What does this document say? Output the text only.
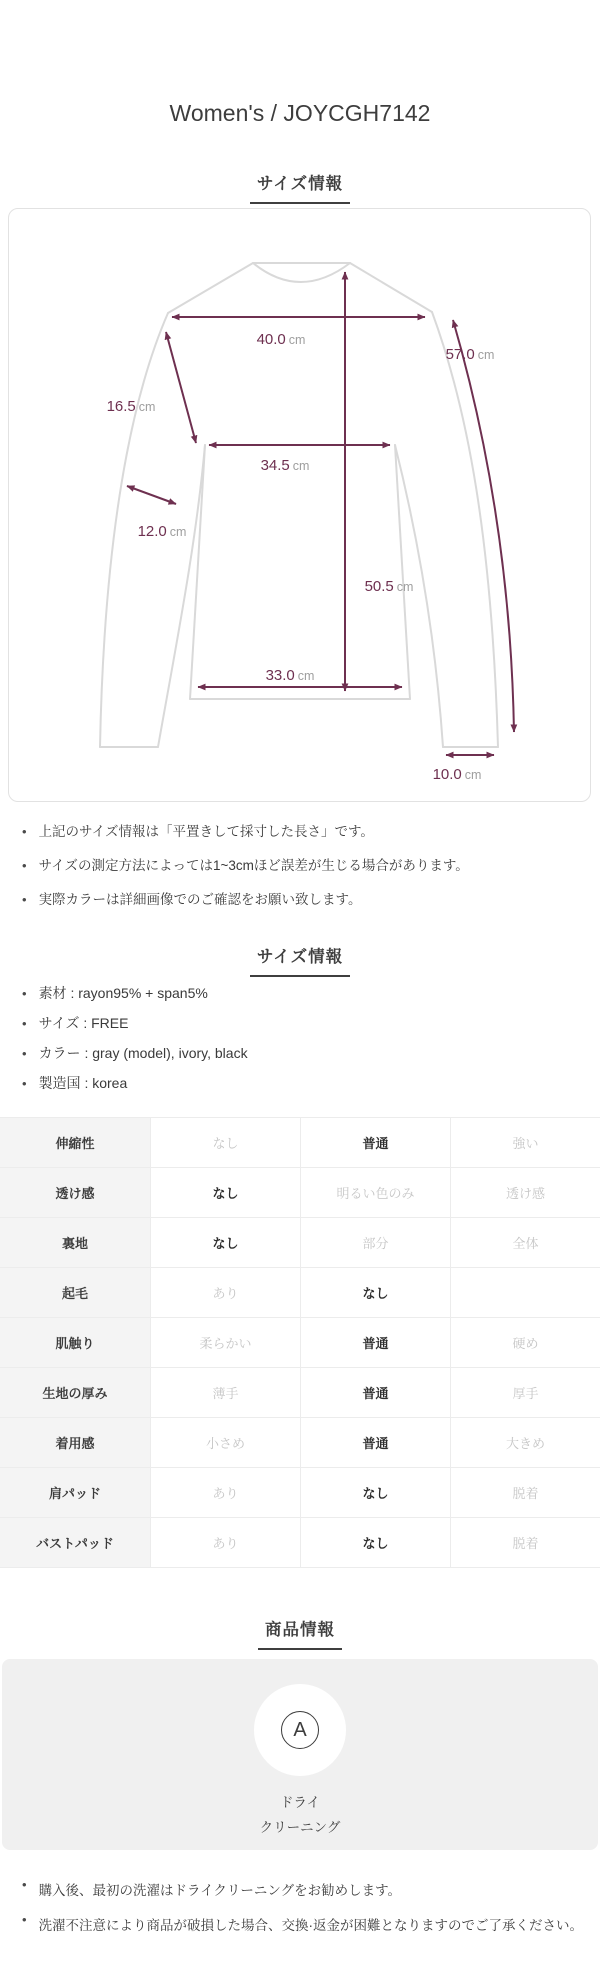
Women's / JOYCGH7142
サイズ情報
40.0 cm
57.0 cm
16.5 cm
34.5 cm
12.0 cm
50.5 cm
33.0 cm
10.0 cm
• 上記のサイズ情報は「平置きして採寸した長さ」です。
• サイズの測定方法によっては1~3cmほど誤差が生じる場合があります。
• 実際カラーは詳細画像でのご確認をお願い致します。
サイズ情報
• 素材 : rayon95% + span5%
• サイズ : FREE
• カラー : gray (model), ivory, black
• 製造国 : korea
伸縮性	なし	普通	強い
透け感	なし	明るい色のみ	透け感
裏地	なし	部分	全体
起毛	あり	なし
肌触り	柔らかい	普通	硬め
生地の厚み	薄手	普通	厚手
着用感	小さめ	普通	大きめ
肩パッド	あり	なし	脱着
バストパッド	あり	なし	脱着
商品情報
A
ドライ
クリーニング
• 購入後、最初の洗濯はドライクリーニングをお勧めします。
• 洗濯不注意により商品が破損した場合、交換·返金が困難となりますのでご了承ください。
